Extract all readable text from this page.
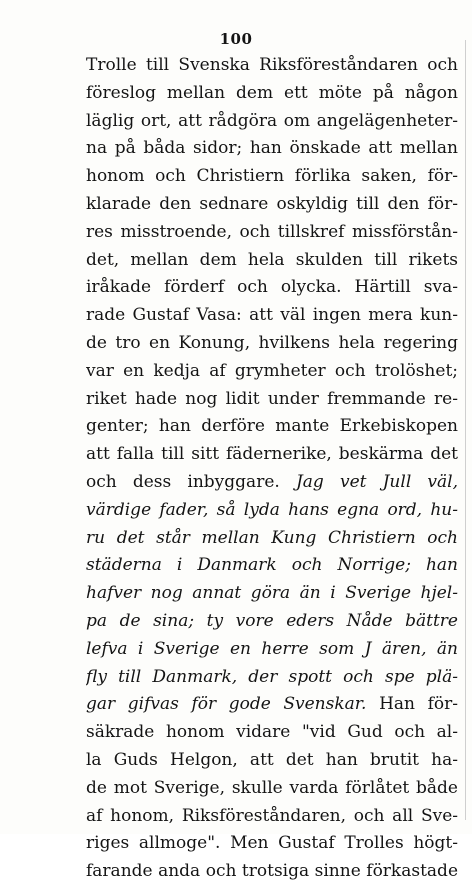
100
Trolle till Svenska Riksföreståndaren och
föreslog mellan dem ett möte på någon
läglig ort, att rådgöra om angelägenheter-
na på båda sidor; han önskade att mellan
honom och Christiern förlika saken, för-
klarade den sednare oskyldig till den för-
res misstroende, och tillskref missförstån-
det, mellan dem hela skulden till rikets
iråkade förderf och olycka. Härtill sva-
rade Gustaf Vasa: att väl ingen mera kun-
de tro en Konung, hvilkens hela regering
var en kedja af grymheter och trolöshet;
riket hade nog lidit under fremmande re-
genter; han derföre mante Erkebiskopen
att falla till sitt fädernerike, beskärma det
och dess inbyggare. Jag vet Jull väl,
värdige fader, så lyda hans egna ord, hu-
ru det står mellan Kung Christiern och
städerna i Danmark och Norrige; han
hafver nog annat göra än i Sverige hjel-
pa de sina; ty vore eders Nåde bättre
lefva i Sverige en herre som J ären, än
fly till Danmark, der spott och spe plä-
gar gifvas för gode Svenskar. Han för-
säkrade honom vidare "vid Gud och al-
la Guds Helgon, att det han brutit ha-
de mot Sverige, skulle varda förlåtet både
af honom, Riksföreståndaren, och all Sve-
riges allmoge". Men Gustaf Trolles högt-
farande anda och trotsiga sinne förkastade
